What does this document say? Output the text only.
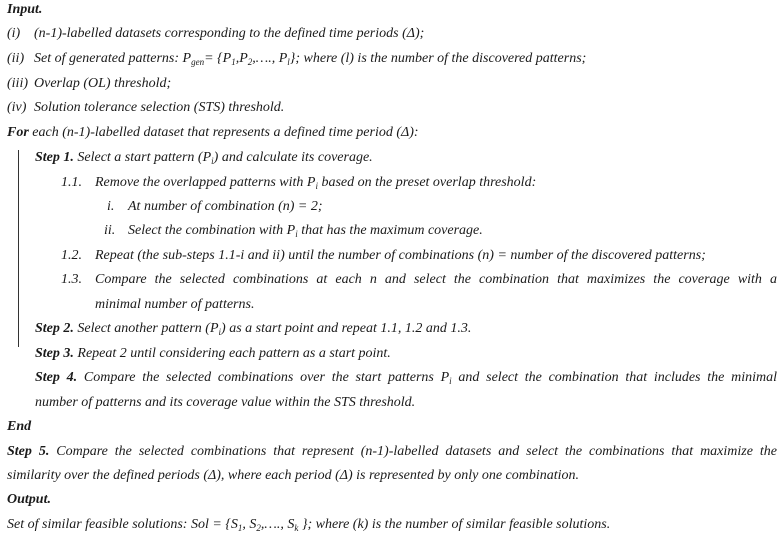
Input.
(i) (n-1)-labelled datasets corresponding to the defined time periods (Δ);
(ii) Set of generated patterns: $P_{gen}=$ {$P_1,P_2,\dots$., $P_l$}; where (l) is the number of the discovered patterns;
(iii) Overlap (OL) threshold;
(iv) Solution tolerance selection (STS) threshold.
For each (n-1)-labelled dataset that represents a defined time period (Δ):
Step 1. Select a start pattern $(P_i)$ and calculate its coverage.
1.1. Remove the overlapped patterns with $P_i$ based on the preset overlap threshold:
i. At number of combination (n) = 2;
ii. Select the combination with $P_i$ that has the maximum coverage.
1.2. Repeat (the sub-steps 1.1-i and ii) until the number of combinations (n) = number of the discovered patterns;
1.3. Compare the selected combinations at each n and select the combination that maximizes the coverage with a
minimal number of patterns.
Step 2. Select another pattern $(P_i)$ as a start point and repeat 1.1, 1.2 and 1.3.
Step 3. Repeat 2 until considering each pattern as a start point.
Step 4. Compare the selected combinations over the start patterns $P_i$ and select the combination that includes the minimal
number of patterns and its coverage value within the STS threshold.
End
Step 5. Compare the selected combinations that represent (n-1)-labelled datasets and select the combinations that maximize the
similarity over the defined periods (Δ), where each period (Δ) is represented by only one combination.
Output.
Set of similar feasible solutions: Sol = {$S_1$, $S_2,\dots$., $S_k$ }; where (k) is the number of similar feasible solutions.
